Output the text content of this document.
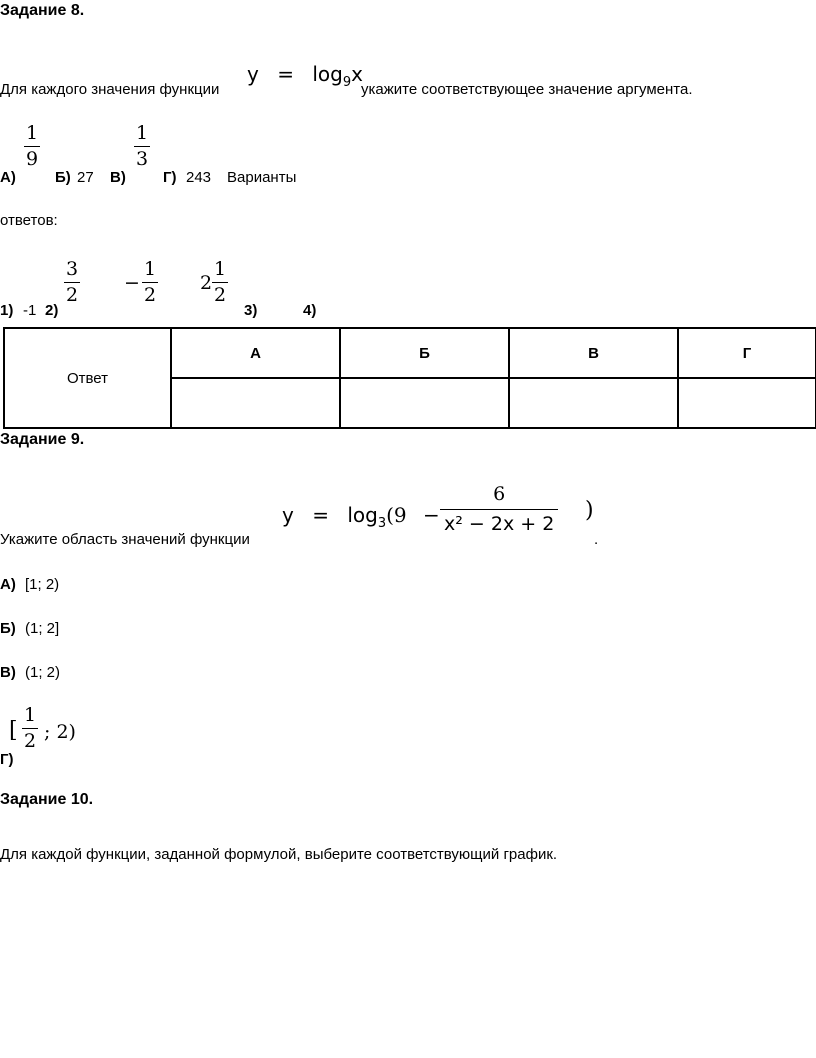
Задание 8.
Для каждого значения функции
$y = \log_9x$
укажите соответствующее значение аргумента.
А)
1
9
Б) 27 В)
1
3
Г) 243 Варианты
ответов:
1) -1 2)
3
2
−
1
2
2
1
2
3)	4)
Ответ	А	Б	В	Г

Задание 9.
$y = \log_3(9$ −
6
x² − 2x + 2
)
Укажите область значений функции	.
А) [1; 2)
Б) (1; 2]
В) (1; 2)
[
1
2 ; 2)
Г)
Задание 10.
Для каждой функции, заданной формулой, выберите соответствующий график.
